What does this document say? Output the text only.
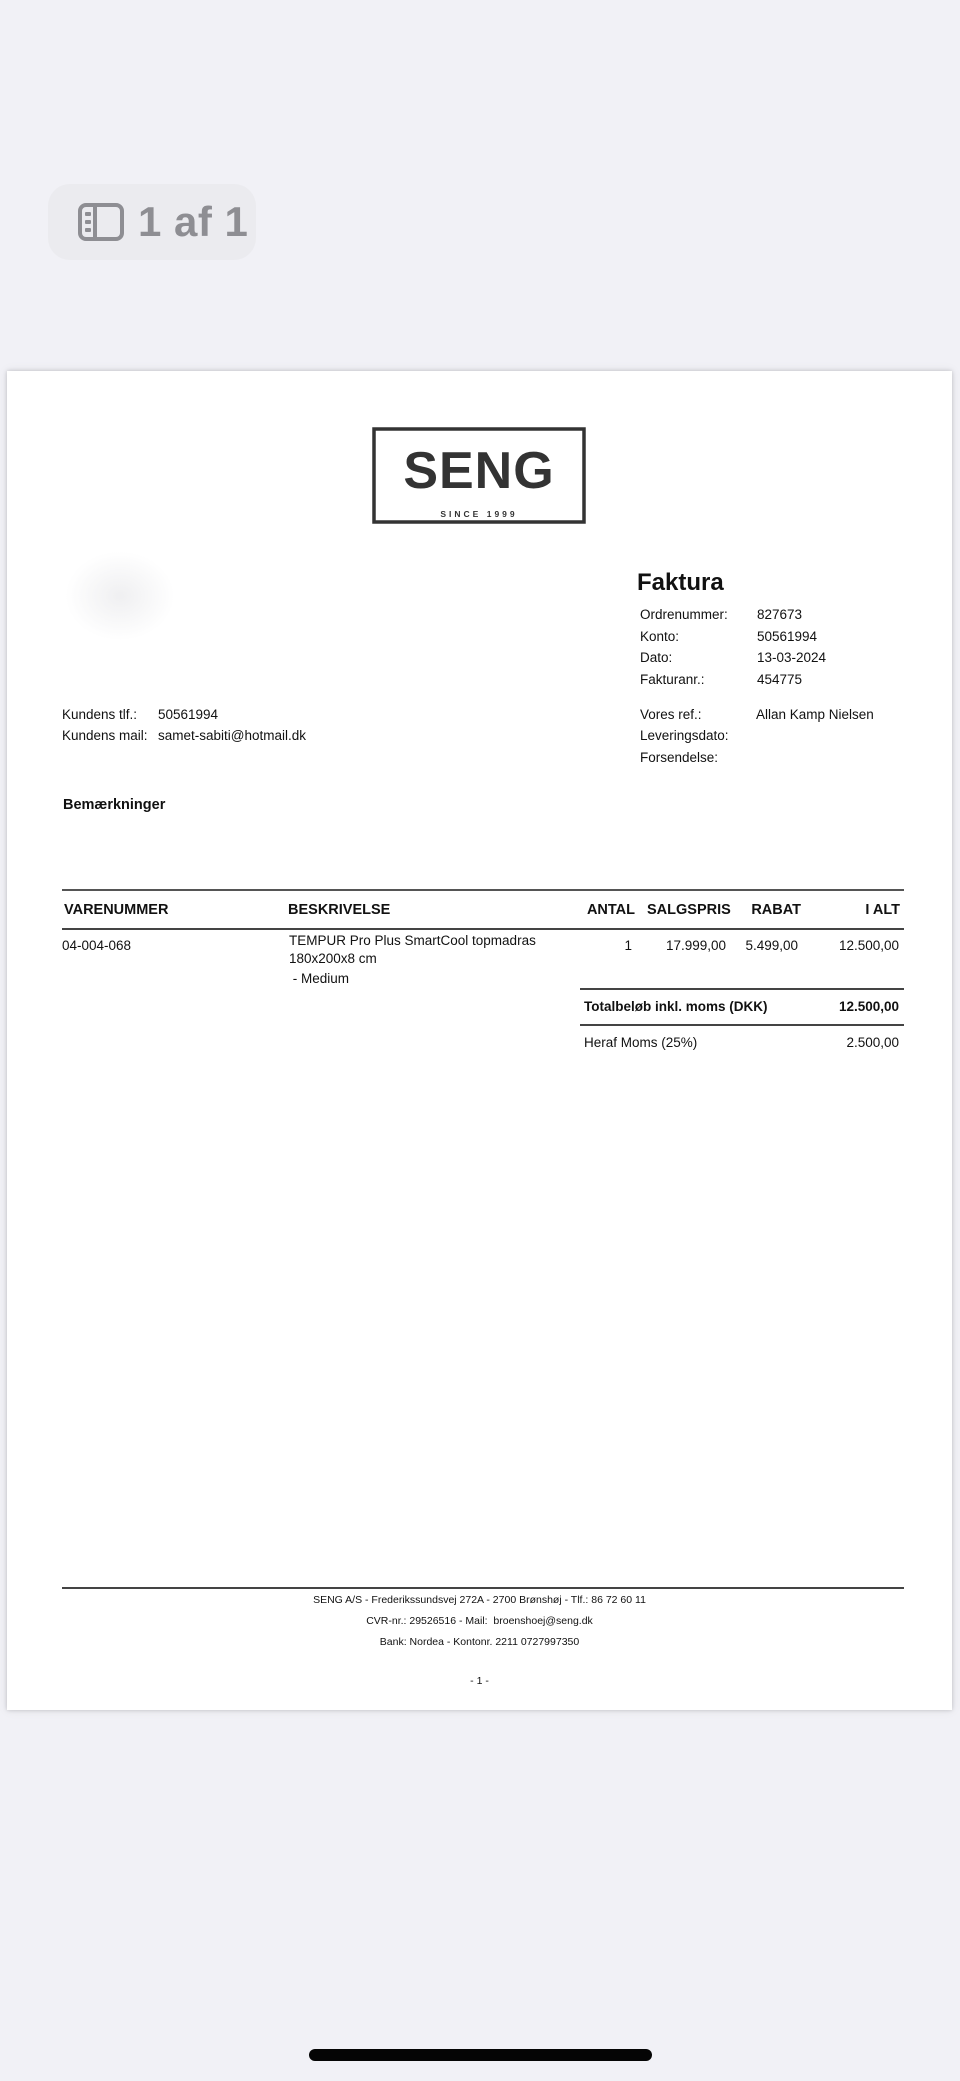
1 af 1
SENG
SINCE 1999
Faktura
Ordrenummer: 827673
Konto:	50561994
Dato:	13-03-2024
Fakturanr.:	454775
Kundens tlf.: 50561994
Kundens mail: samet-sabiti@hotmail.dk
Vores ref.:	Allan Kamp Nielsen
Leveringsdato:
Forsendelse:
Bemærkninger
VARENUMMER	BESKRIVELSE	ANTAL SALGSPRIS	RABAT	I ALT
04-004-068	TEMPUR Pro Plus SmartCool topmadras
180x200x8 cm
- Medium
1	17.999,00	5.499,00	12.500,00
Totalbeløb inkl. moms (DKK)	12.500,00
Heraf Moms (25%)	2.500,00
SENG A/S - Frederikssundsvej 272A - 2700 Brønshøj - Tlf.: 86 72 60 11
CVR-nr.: 29526516 - Mail:  broenshoej@seng.dk
Bank: Nordea - Kontonr. 2211 0727997350
- 1 -
